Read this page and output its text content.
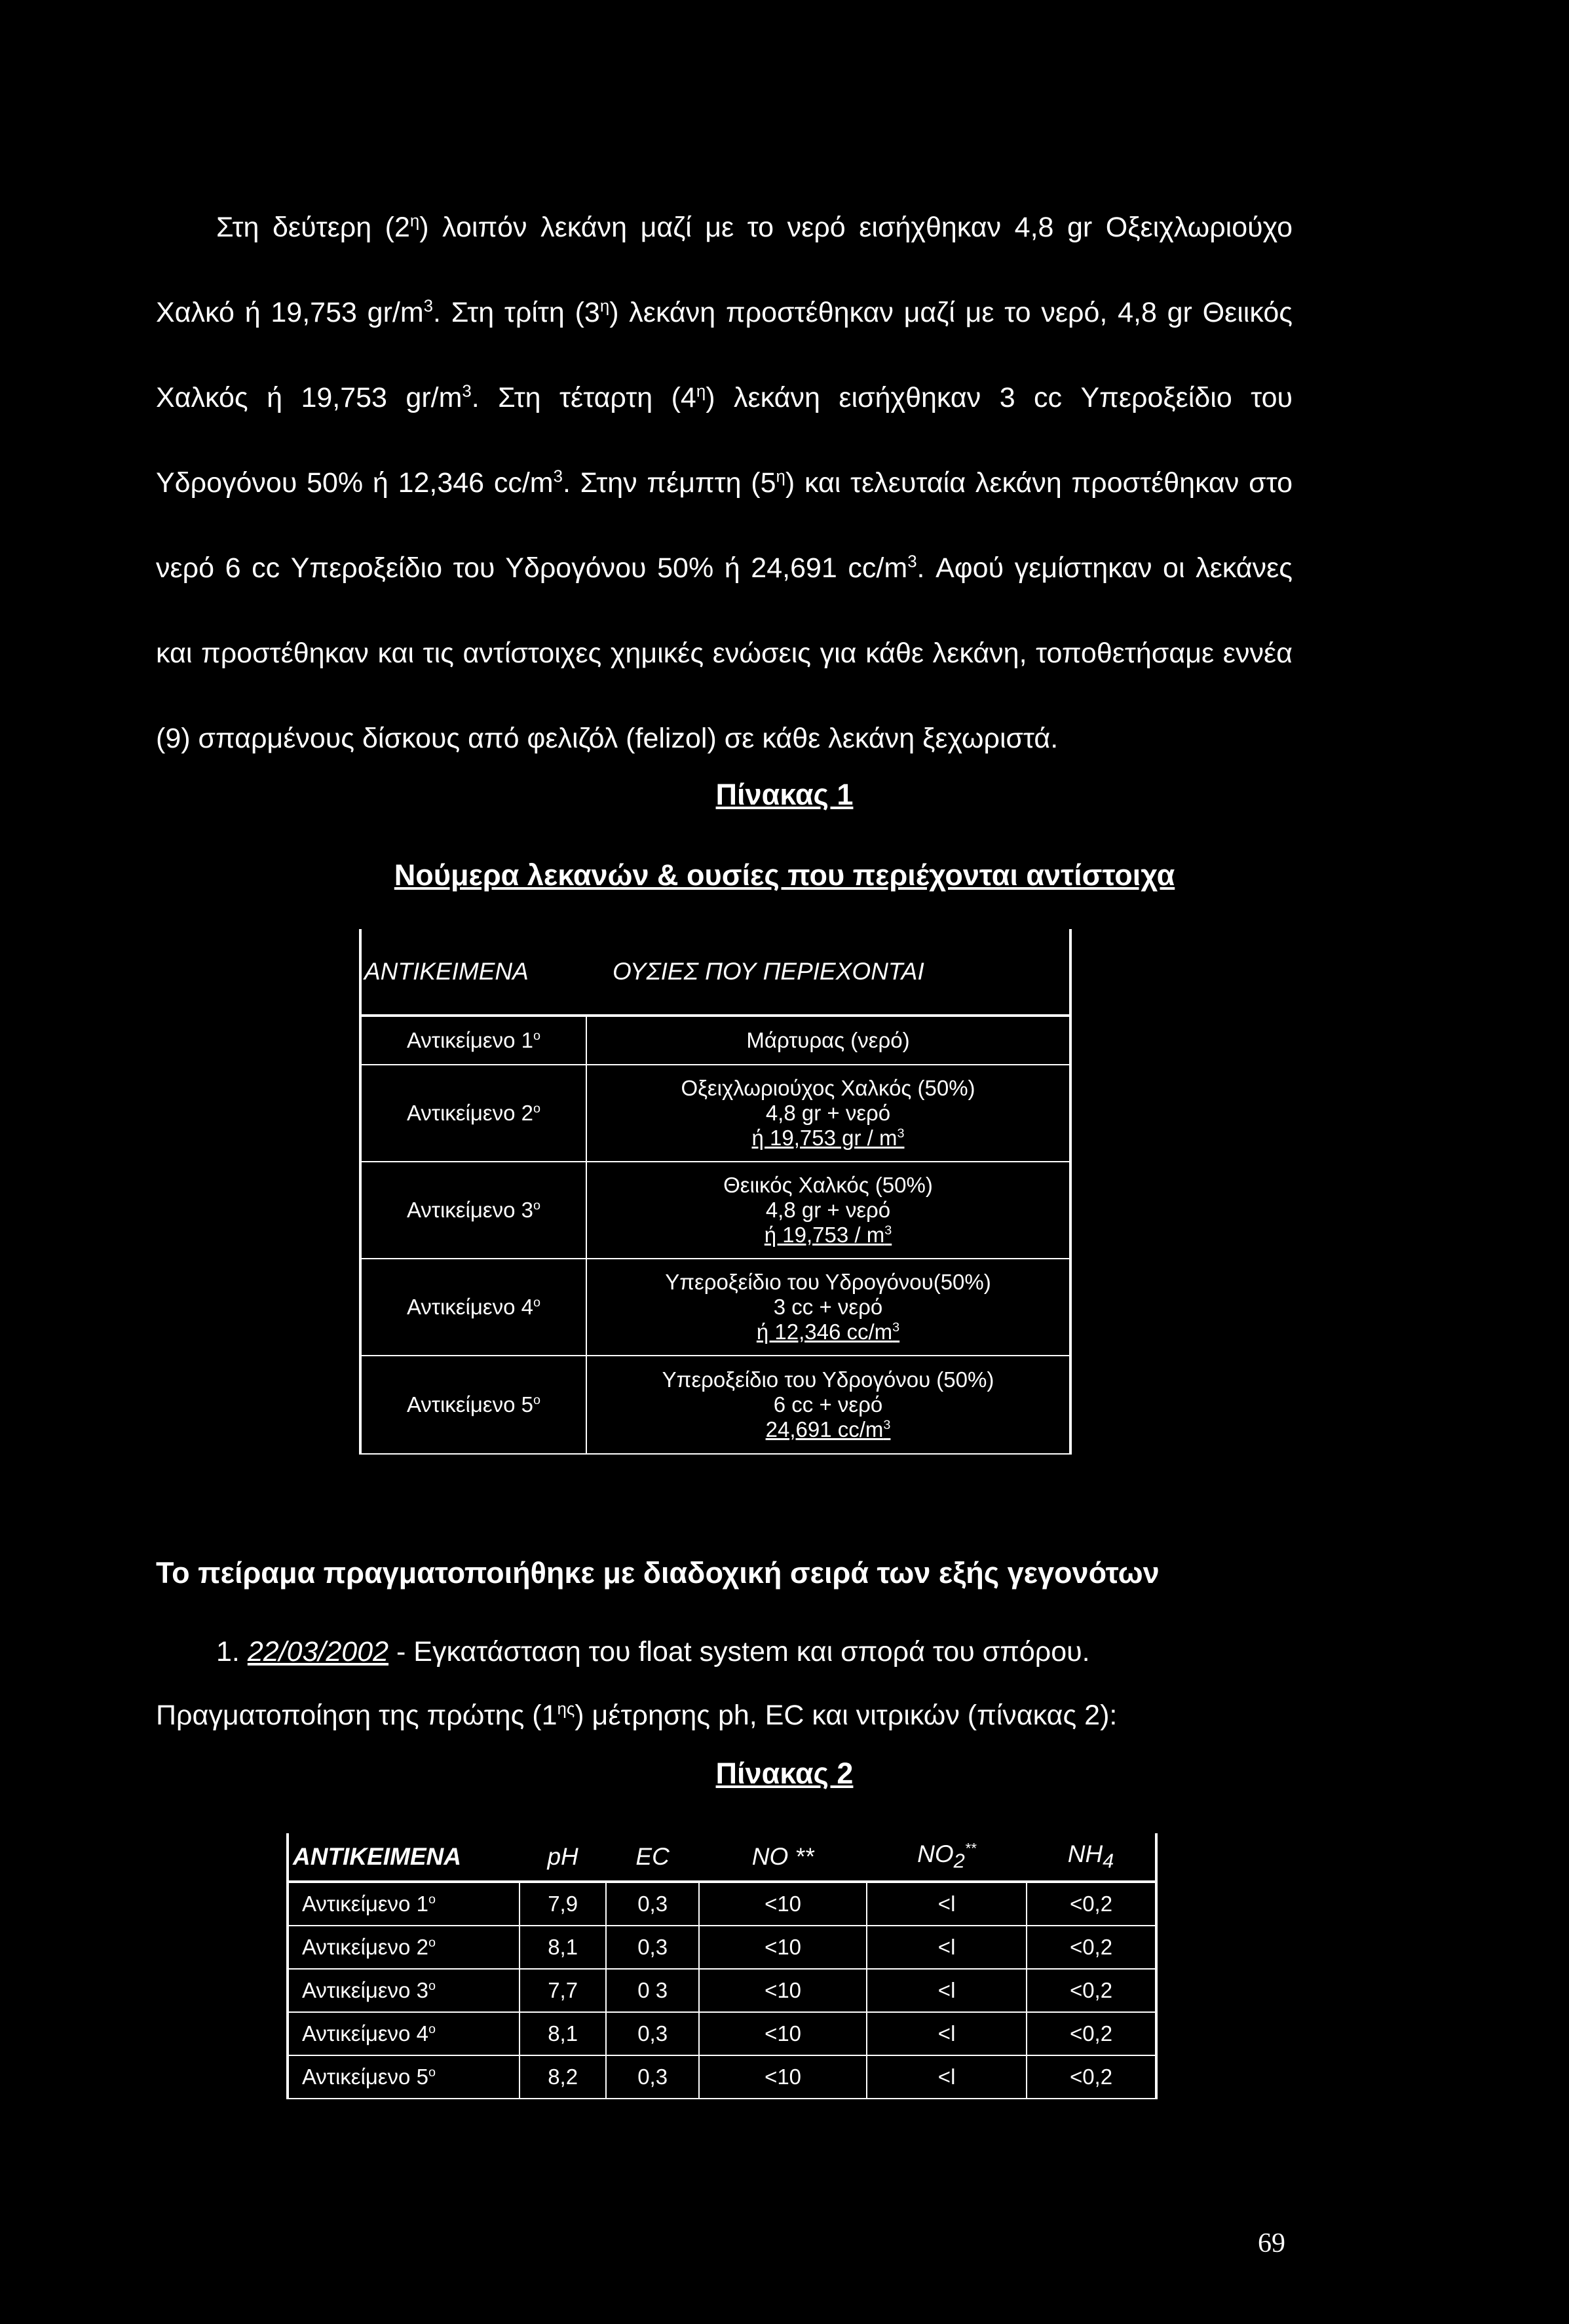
Στη δεύτερη $(2^\eta)$ λοιπόν λεκάνη μαζί με το νερό εισήχθηκαν 4,8 gr Οξειχλωριούχο Χαλκό ή 19,753 $gr/m^3$. Στη τρίτη $(3^\eta)$ λεκάνη προστέθηκαν μαζί με το νερό, 4,8 gr Θειικός Χαλκός ή 19,753 $gr/m^3$. Στη τέταρτη $(4^\eta)$ λεκάνη εισήχθηκαν 3 cc Υπεροξείδιο του Υδρογόνου 50% ή 12,346 $cc/m^3$. Στην πέμπτη $(5^\eta)$ και τελευταία λεκάνη προστέθηκαν στο νερό 6 cc Υπεροξείδιο του Υδρογόνου 50% ή 24,691 $cc/m^3$. Αφού γεμίστηκαν οι λεκάνες και προστέθηκαν και τις αντίστοιχες χημικές ενώσεις για κάθε λεκάνη, τοποθετήσαμε εννέα (9) σπαρμένους δίσκους από φελιζόλ (felizol) σε κάθε λεκάνη ξεχωριστά.

Πίνακας 1
Νούμερα λεκανών & ουσίες που περιέχονται αντίστοιχα
ΑΝΤΙΚΕΙΜΕΝΑ	ΟΥΣΙΕΣ ΠΟΥ ΠΕΡΙΕΧΟΝΤΑΙ
Αντικείμενο $1^o$	Μάρτυρας (νερό)

Αντικείμενο $2^o$	Οξειχλωριούχος Χαλκός (50%)
4,8 gr + νερό
ή 19,753 gr / $m^3$

Αντικείμενο $3^o$	Θειικός Χαλκός (50%)
4,8 gr + νερό
ή $19,753 / m^3$

Αντικείμενο $4^o$	Υπεροξείδιο του Υδρογόνου(50%)
3 cc + νερό
ή 12,346 $cc/m^3$

Αντικείμενο $5^o$	Υπεροξείδιο του Υδρογόνου (50%)
6 cc + νερό
24,691 $cc/m^3$
Το πείραμα πραγματοποιήθηκε με διαδοχική σειρά των εξής γεγονότων
1. 22/03/2002 - Εγκατάσταση του float system και σπορά του σπόρου.
Πραγματοποίηση της πρώτης $(1^{\eta\varsigma})$ μέτρησης ph, EC και νιτρικών (πίνακας 2):
Πίνακας 2
ΑΝΤΙΚΕΙΜΕΝΑ	pH	EC	NO **	$NO_2^{**}$	$NH_4$
Αντικείμενο $1^o$	7,9	0,3	<10	<l	<0,2
Αντικείμενο $2^o$	8,1	0,3	<10	<l	<0,2
Αντικείμενο $3^o$	7,7	0 3	<10	<l	<0,2
Αντικείμενο $4^o$	8,1	0,3	<10	<l	<0,2
Αντικείμενο $5^o$	8,2	0,3	<10	<l	<0,2
69
